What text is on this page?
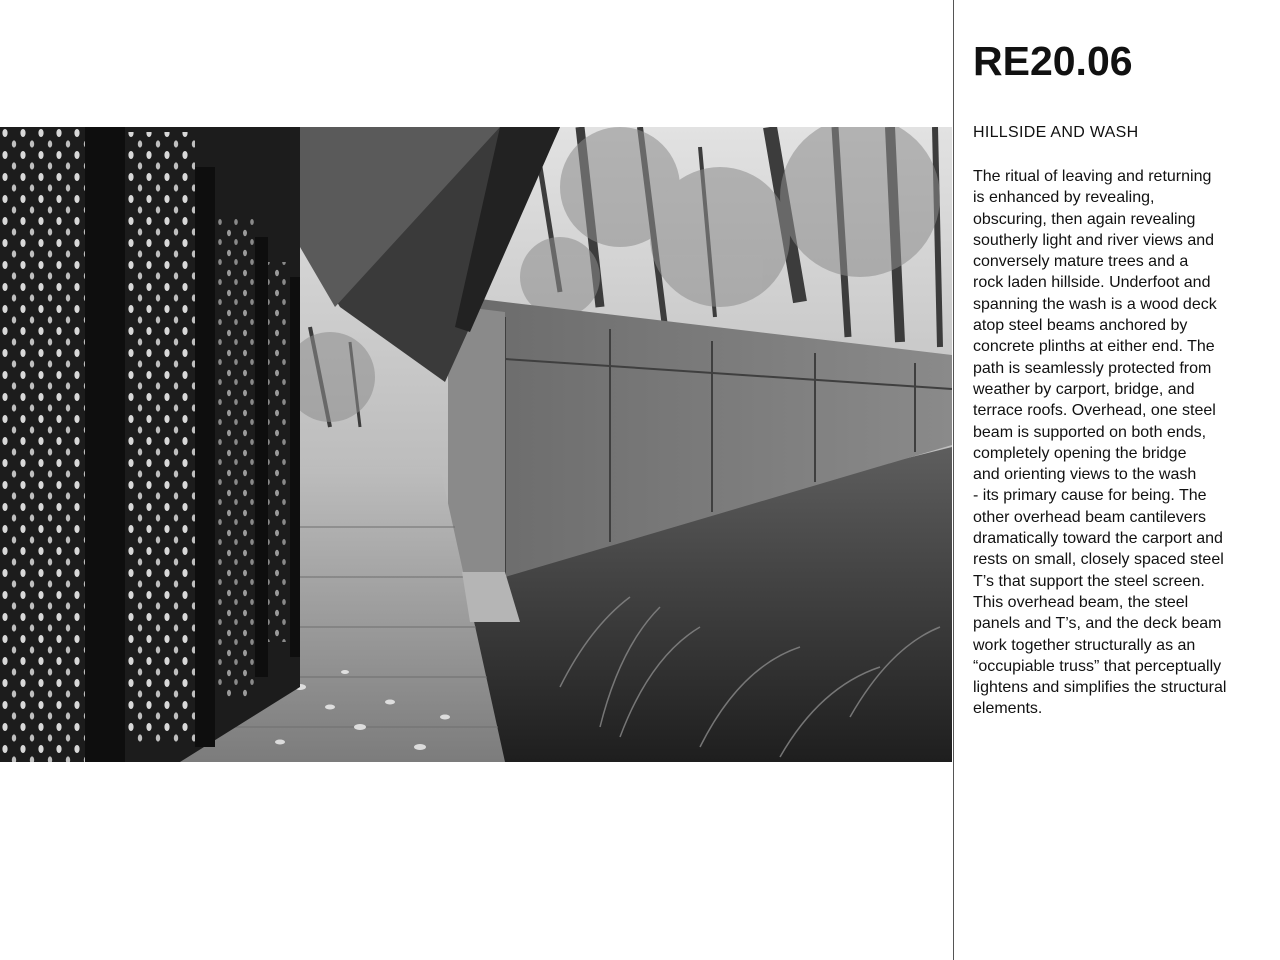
RE20.06
HILLSIDE AND WASH
The ritual of leaving and returning
is enhanced by revealing,
obscuring, then again revealing
southerly light and river views and
conversely mature trees and a
rock laden hillside. Underfoot and
spanning the wash is a wood deck
atop steel beams anchored by
concrete plinths at either end. The
path is seamlessly protected from
weather by carport, bridge, and
terrace roofs. Overhead, one steel
beam is supported on both ends,
completely opening the bridge
and orienting views to the wash
- its primary cause for being. The
other overhead beam cantilevers
dramatically toward the carport and
rests on small, closely spaced steel
T’s that support the steel screen.
This overhead beam, the steel
panels and T’s, and the deck beam
work together structurally as an
“occupiable truss” that perceptually
lightens and simplifies the structural
elements.
